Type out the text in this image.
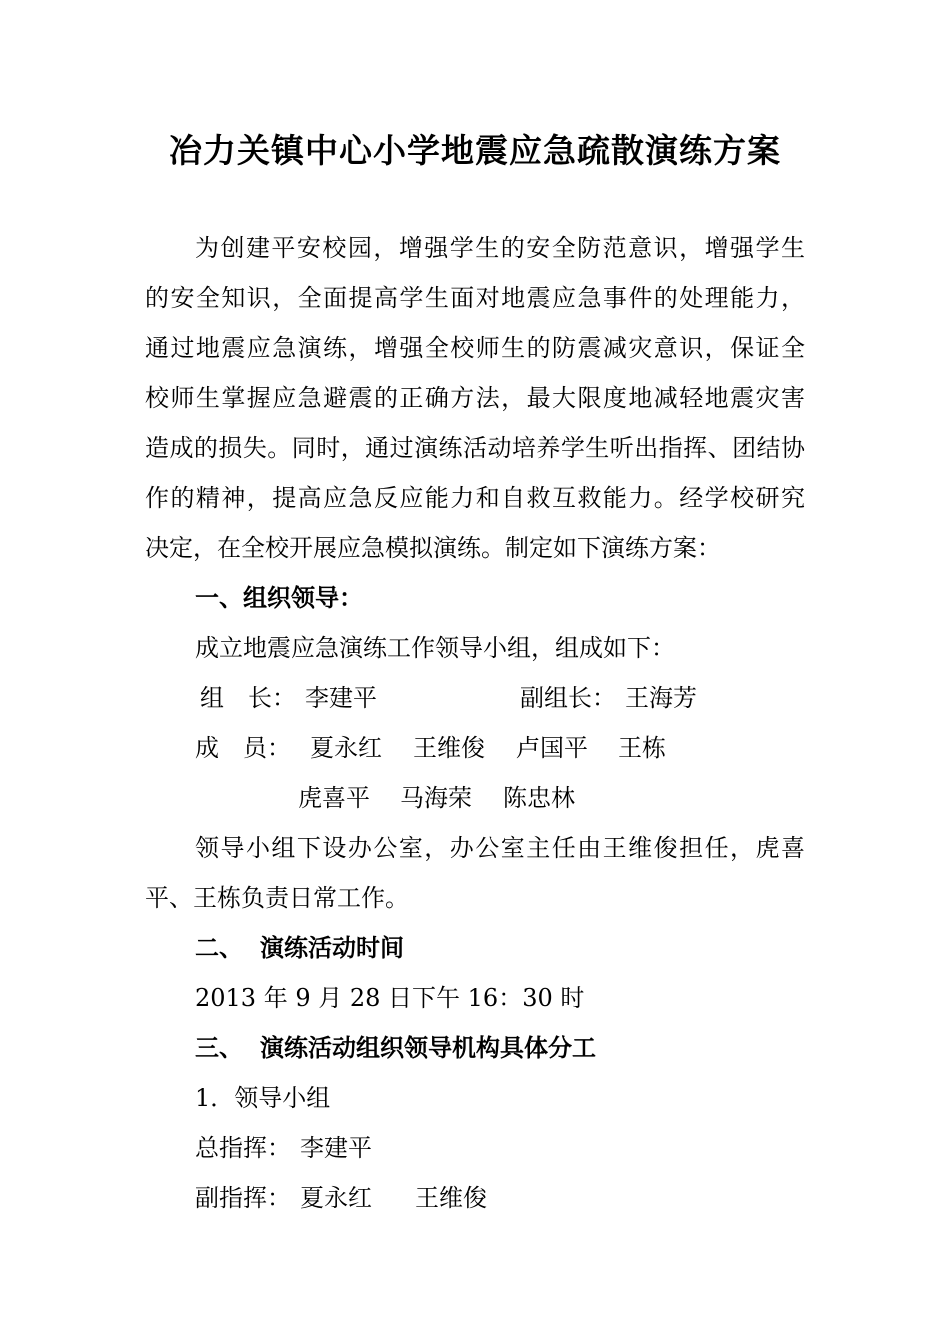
冶力关镇中心小学地震应急疏散演练方案
为创建平安校园，增强学生的安全防范意识，增强学生
的安全知识，全面提高学生面对地震应急事件的处理能力，
通过地震应急演练，增强全校师生的防震减灾意识，保证全
校师生掌握应急避震的正确方法，最大限度地减轻地震灾害
造成的损失。同时，通过演练活动培养学生听出指挥、团结协
作的精神，提高应急反应能力和自救互救能力。经学校研究
决定，在全校开展应急模拟演练。制定如下演练方案：
一、组织领导：
成立地震应急演练工作领导小组，组成如下：
组　长： 李建平	副组长： 王海芳
成　员： 夏永红 王维俊 卢国平 王栋
虎喜平 马海荣 陈忠林
领导小组下设办公室，办公室主任由王维俊担任，虎喜
平、王栋负责日常工作。
二、 演练活动时间
2013 年 9 月 28 日下午 16：30 时
三、 演练活动组织领导机构具体分工
1．领导小组
总指挥： 李建平
副指挥： 夏永红 王维俊
